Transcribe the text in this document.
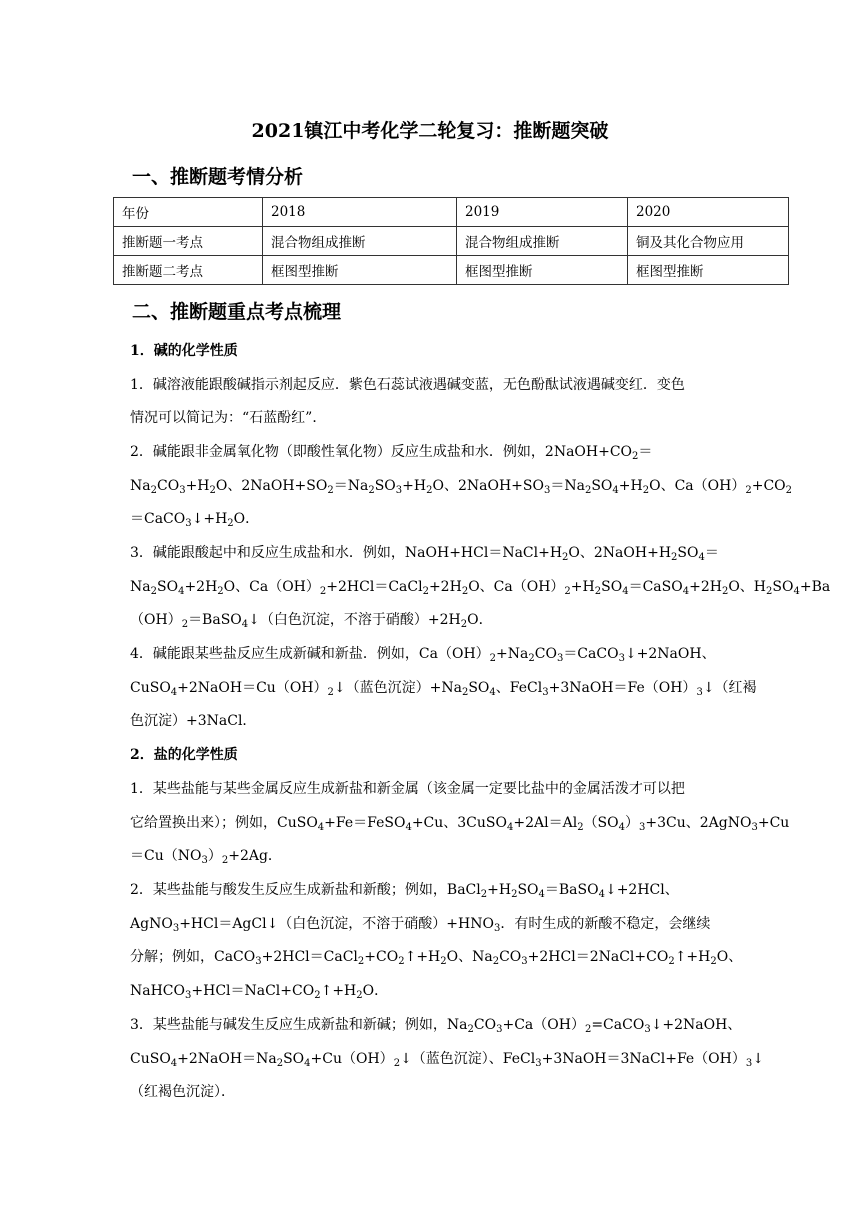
2021镇江中考化学二轮复习：推断题突破
一、推断题考情分析
年份	2018	2019	2020
推断题一考点	混合物组成推断	混合物组成推断	铜及其化合物应用
推断题二考点	框图型推断	框图型推断	框图型推断
二、推断题重点考点梳理
1．碱的化学性质
1．碱溶液能跟酸碱指示剂起反应．紫色石蕊试液遇碱变蓝，无色酚酞试液遇碱变红．变色
情况可以简记为：“石蓝酚红”．
2．碱能跟非金属氧化物（即酸性氧化物）反应生成盐和水．例如，$2NaOH+CO_2=$
$Na_2CO_3+H_2O$、$2NaOH+SO_2=Na_2SO_3+H_2O$、$2NaOH+SO_3=Na_2SO_4+H_2O$、$Ca(OH)_2+CO_2$
$=CaCO_3↓+H_2O$．
3．碱能跟酸起中和反应生成盐和水．例如，$NaOH+HCl=NaCl+H_2O$、$2NaOH+H_2SO_4=$
$Na_2SO_4+2H_2O$、$Ca(OH)_2+2HCl=CaCl_2+2H_2O$、$Ca(OH)_2+H_2SO_4=CaSO_4+2H_2O$、$H_2SO_4+Ba$
$(OH)_2=BaSO_4↓$（白色沉淀，不溶于硝酸）$+2H_2O$．
4．碱能跟某些盐反应生成新碱和新盐．例如，$Ca(OH)_2+Na_2CO_3=CaCO_3↓+2NaOH$、
$CuSO_4+2NaOH=Cu(OH)_2↓$（蓝色沉淀）$+Na_2SO_4$、$FeCl_3+3NaOH=Fe(OH)_3↓$（红褐
色沉淀）+3NaCl．
2．盐的化学性质
1．某些盐能与某些金属反应生成新盐和新金属（该金属一定要比盐中的金属活泼才可以把
它给置换出来）；例如，CuSO$_4$+Fe＝FeSO$_4$+Cu、$3CuSO_4+2Al=Al_2(SO_4)_3+3Cu$、2AgNO$_3$+Cu
$=Cu(NO_3)_2+2Ag$．
2．某些盐能与酸发生反应生成新盐和新酸；例如，$BaCl_2+H_2SO_4=BaSO_4↓+2HCl$、
AgNO$_3$+HCl＝AgCl↓（白色沉淀，不溶于硝酸）$+HNO_3$．有时生成的新酸不稳定，会继续
分解；例如，$CaCO_3+2HCl=CaCl_2+CO_2↑+H_2O$、$Na_2CO_3+2HCl=2NaCl+CO_2↑+H_2O$、
$NaHCO_3+HCl=NaCl+CO_2↑+H_2O$．
3．某些盐能与碱发生反应生成新盐和新碱；例如，$Na_2CO_3+Ca(OH)_2=CaCO_3↓+2NaOH$、
$CuSO_4+2NaOH=Na_2SO_4+Cu(OH)_2↓$（蓝色沉淀）、$FeCl_3+3NaOH=3NaCl+Fe(OH)_3↓$
（红褐色沉淀）．
